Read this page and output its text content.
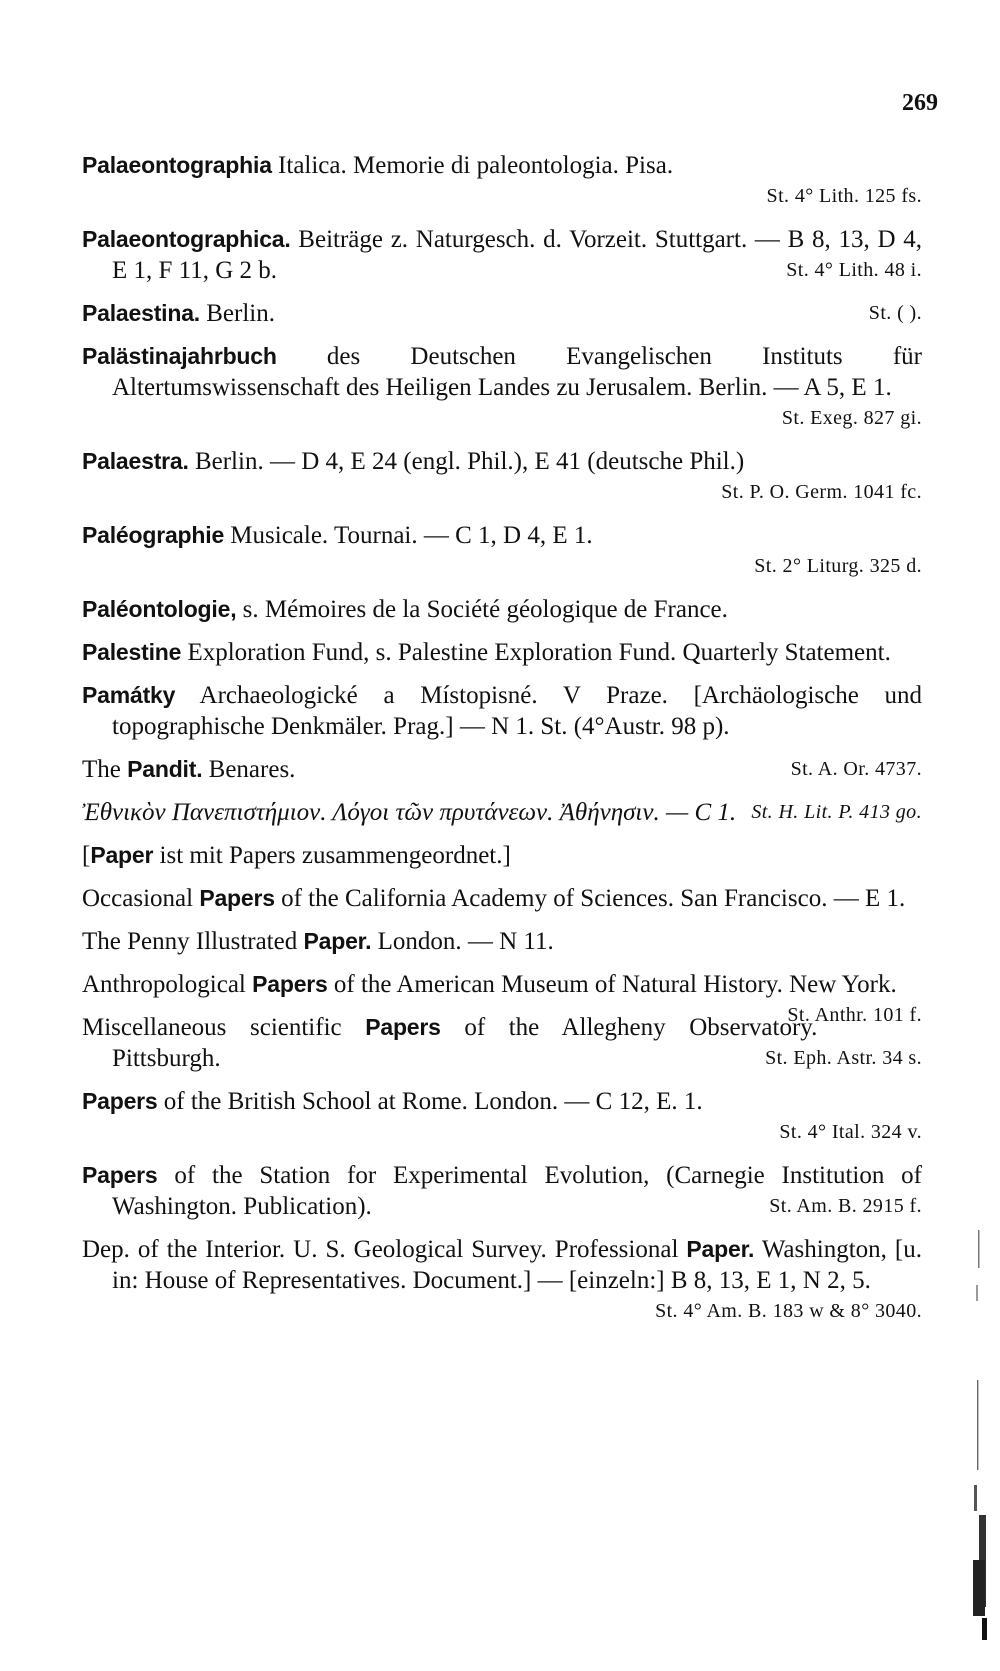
269
Palaeontographia Italica. Memorie di paleontologia. Pisa.
St. 4° Lith. 125 fs.
Palaeontographica. Beiträge z. Naturgesch. d. Vorzeit. Stuttgart. — B 8, 13, D 4, E 1, F 11, G 2 b.	St. 4° Lith. 48 i.
Palaestina. Berlin.	St. ( ).
Palästinajahrbuch des Deutschen Evangelischen Instituts für Altertumswissenschaft des Heiligen Landes zu Jerusalem. Berlin. — A 5, E 1.
St. Exeg. 827 gi.
Palaestra. Berlin. — D 4, E 24 (engl. Phil.), E 41 (deutsche Phil.)
St. P. O. Germ. 1041 fc.
Paléographie Musicale. Tournai. — C 1, D 4, E 1.
St. 2° Liturg. 325 d.
Paléontologie, s. Mémoires de la Société géologique de France.
Palestine Exploration Fund, s. Palestine Exploration Fund. Quarterly Statement.
Památky Archaeologické a Místopisné. V Praze. [Archäologische und topographische Denkmäler. Prag.] — N 1. St. (4°Austr. 98 p).
The Pandit. Benares.	St. A. Or. 4737.
Ἐθνικὸν Πανεπιστήμιον. Λόγοι τῶν πρυτάνεων. Ἀθήνησιν. — C 1. St. H. Lit. P. 413 go.
[Paper ist mit Papers zusammengeordnet.]
Occasional Papers of the California Academy of Sciences. San Francisco. — E 1.
The Penny Illustrated Paper. London. — N 11.
Anthropological Papers of the American Museum of Natural History. New York.
St. Anthr. 101 f.
Miscellaneous scientific Papers of the Allegheny Observatory. Pittsburgh.	St. Eph. Astr. 34 s.
Papers of the British School at Rome. London. — C 12, E. 1.
St. 4° Ital. 324 v.
Papers of the Station for Experimental Evolution, (Carnegie Institution of Washington. Publication).	St. Am. B. 2915 f.
Dep. of the Interior. U. S. Geological Survey. Professional Paper. Washington, [u. in: House of Representatives. Document.] — [einzeln:] B 8, 13, E 1, N 2, 5.
St. 4° Am. B. 183 w & 8° 3040.
